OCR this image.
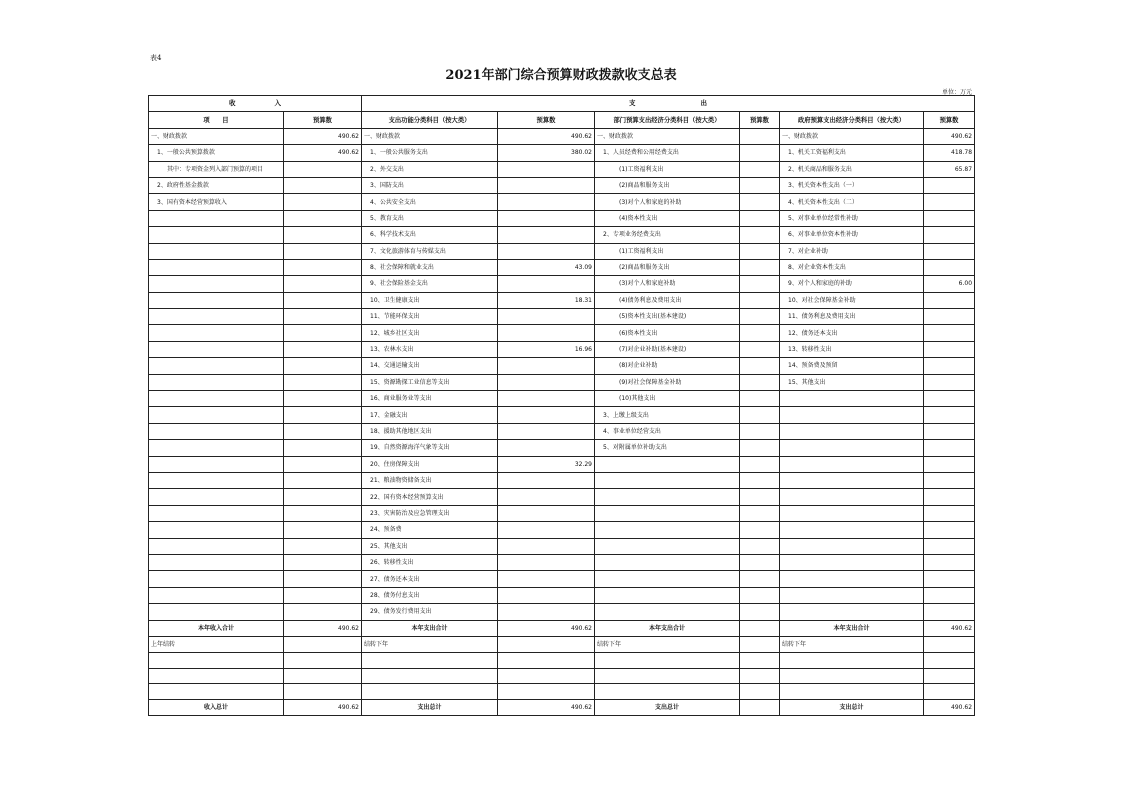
表4
2021年部门综合预算财政拨款收支总表
单位：万元
收　　　　　　入		支　　　　　　　　　　出					
项　　目	预算数	支出功能分类科目（按大类）	预算数	部门预算支出经济分类科目（按大类）	预算数	政府预算支出经济分类科目（按大类）	预算数
一、财政拨款	490.62	一、财政拨款	490.62	一、财政拨款		一、财政拨款	490.62
1、一般公共预算拨款	490.62	1、一般公共服务支出	380.02	1、人员经费和公用经费支出		1、机关工资福利支出	418.78
其中：专项资金列入部门预算的项目		2、外交支出		(1)工资福利支出		2、机关商品和服务支出	65.87
2、政府性基金拨款		3、国防支出		(2)商品和服务支出		3、机关资本性支出（一）	
3、国有资本经营预算收入		4、公共安全支出		(3)对个人和家庭的补助		4、机关资本性支出（二）	
		5、教育支出		(4)资本性支出		5、对事业单位经常性补助	
		6、科学技术支出		2、专项业务经费支出		6、对事业单位资本性补助	
		7、文化旅游体育与传媒支出		(1)工资福利支出		7、对企业补助	
		8、社会保障和就业支出	43.09	(2)商品和服务支出		8、对企业资本性支出	
		9、社会保险基金支出		(3)对个人和家庭补助		9、对个人和家庭的补助	6.00
		10、卫生健康支出	18.31	(4)债务利息及费用支出		10、对社会保障基金补助	
		11、节能环保支出		(5)资本性支出(基本建设)		11、债务利息及费用支出	
		12、城乡社区支出		(6)资本性支出		12、债务还本支出	
		13、农林水支出	16.96	(7)对企业补助(基本建设)		13、转移性支出	
		14、交通运输支出		(8)对企业补助		14、预备费及预留	
		15、资源勘探工业信息等支出		(9)对社会保障基金补助		15、其他支出	
		16、商业服务业等支出		(10)其他支出			
		17、金融支出		3、上缴上级支出			
		18、援助其他地区支出		4、事业单位经营支出			
		19、自然资源海洋气象等支出		5、对附属单位补助支出			
		20、住房保障支出	32.29				
		21、粮油物资储备支出					
		22、国有资本经营预算支出					
		23、灾害防治及应急管理支出					
		24、预备费					
		25、其他支出					
		26、转移性支出					
		27、债务还本支出					
		28、债务付息支出					
		29、债务发行费用支出					
本年收入合计	490.62	本年支出合计	490.62	本年支出合计		本年支出合计	490.62
上年结转		结转下年		结转下年		结转下年	

收入总计	490.62	支出总计	490.62	支出总计		支出总计	490.62
